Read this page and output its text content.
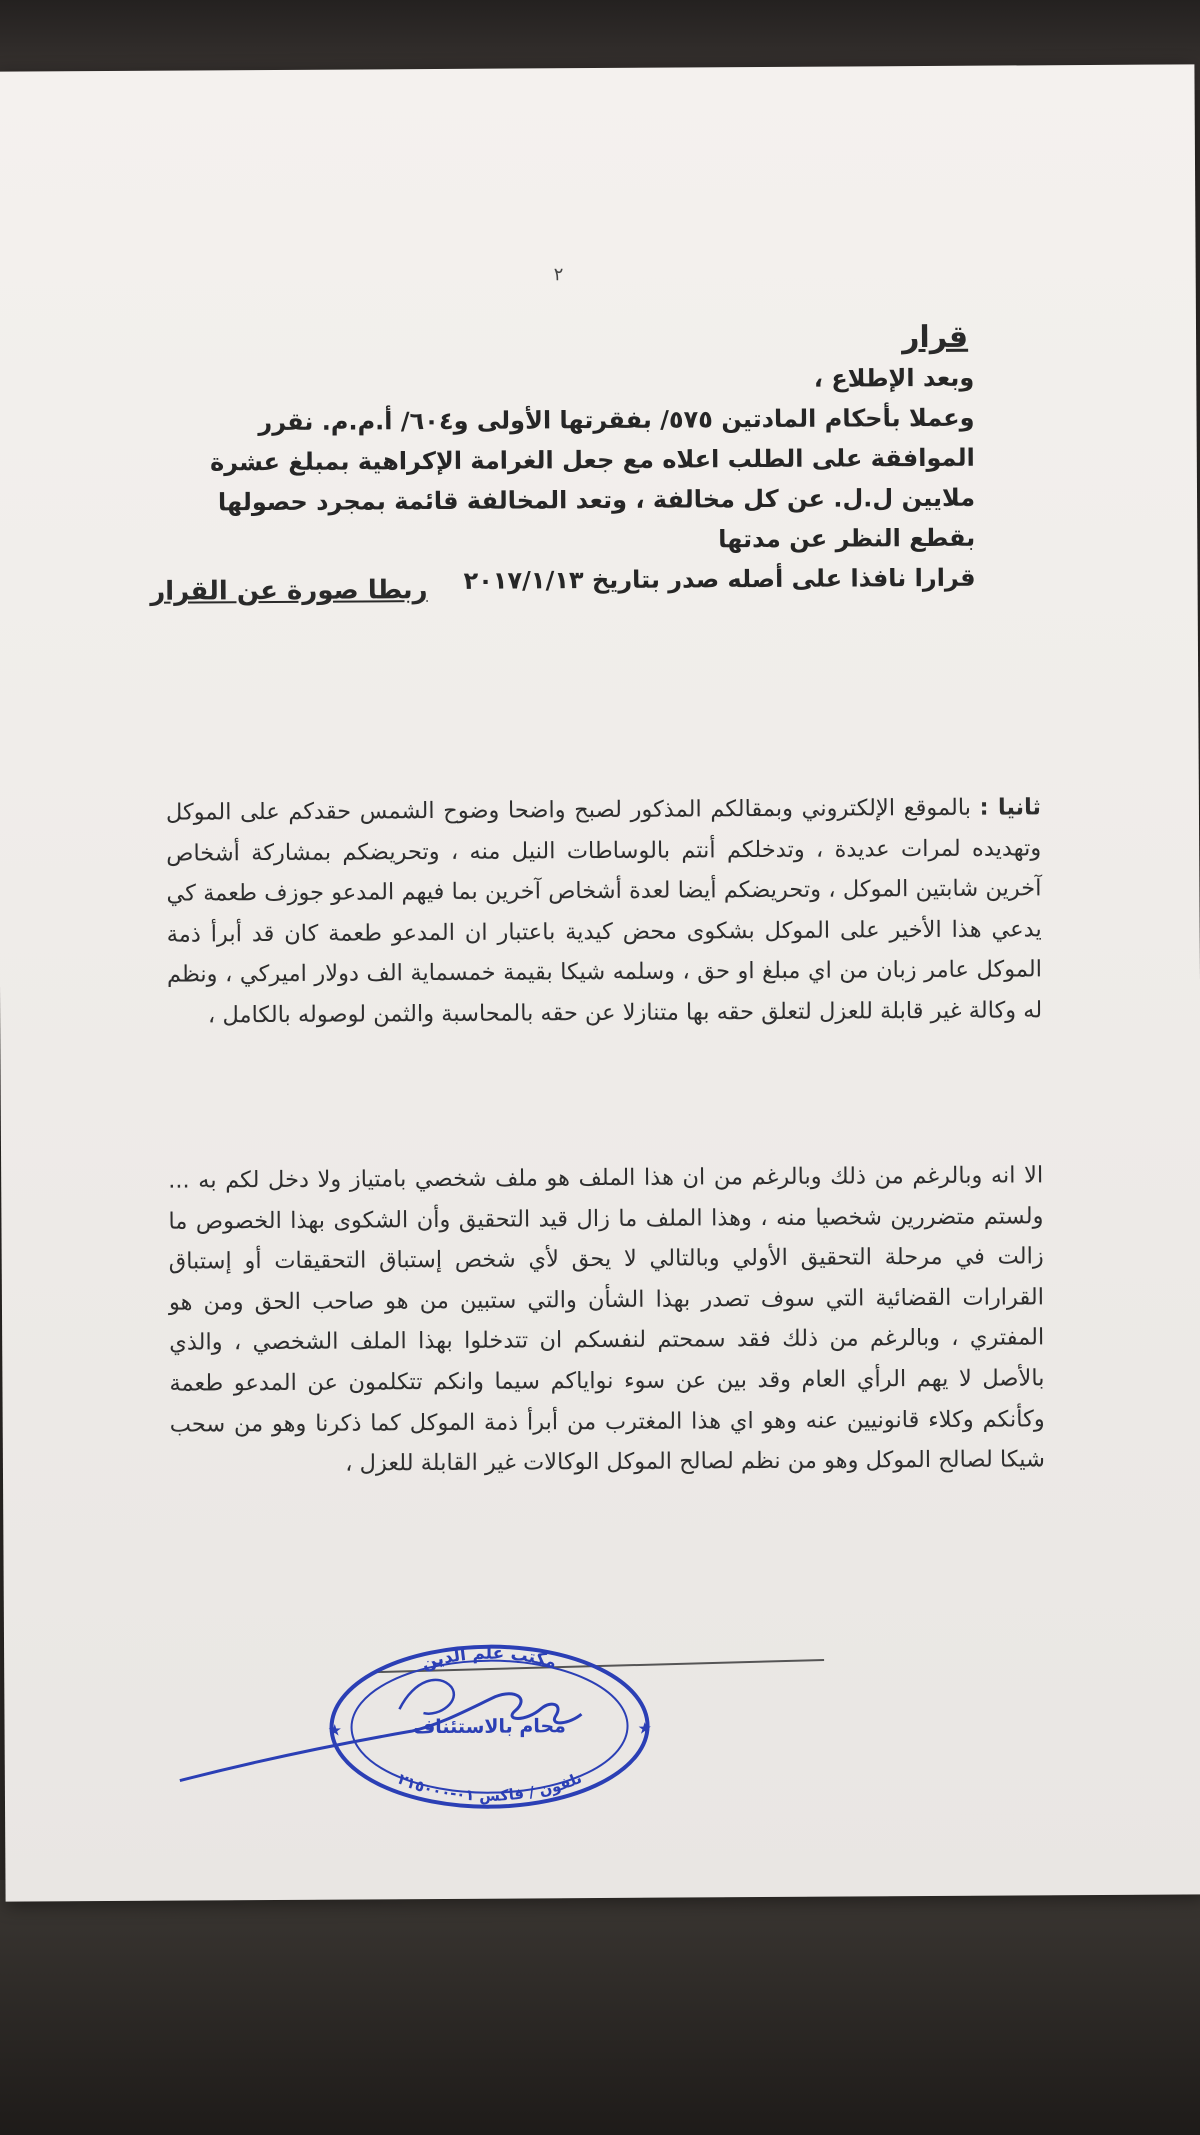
٢
قرار

وبعد الإطلاع ،

وعملا بأحكام المادتين ٥٧٥/ بفقرتها الأولى و٦٠٤/ أ.م.م. نقرر

الموافقة على الطلب اعلاه مع جعل الغرامة الإكراهية بمبلغ عشرة

ملايين ل.ل. عن كل مخالفة ، وتعد المخالفة قائمة بمجرد حصولها

بقطع النظر عن مدتها

قرارا نافذا على أصله صدر بتاريخ ٢٠١٧/١/١٣

ربطا صورة عن القرار
ثانيا : بالموقع الإلكتروني وبمقالكم المذكور لصبح واضحا وضوح الشمس حقدكم على الموكل وتهديده لمرات عديدة ، وتدخلكم أنتم بالوساطات النيل منه ، وتحريضكم بمشاركة أشخاص آخرين شابتين الموكل ، وتحريضكم أيضا لعدة أشخاص آخرين بما فيهم المدعو جوزف طعمة كي يدعي هذا الأخير على الموكل بشكوى محض كيدية باعتبار ان المدعو طعمة كان قد أبرأ ذمة الموكل عامر زبان من اي مبلغ او حق ، وسلمه شيكا بقيمة خمسماية الف دولار اميركي ، ونظم له وكالة غير قابلة للعزل لتعلق حقه بها متنازلا عن حقه بالمحاسبة والثمن لوصوله بالكامل ،
الا انه وبالرغم من ذلك وبالرغم من ان هذا الملف هو ملف شخصي بامتياز ولا دخل لكم به ... ولستم متضررين شخصيا منه ، وهذا الملف ما زال قيد التحقيق وأن الشكوى بهذا الخصوص ما زالت في مرحلة التحقيق الأولي وبالتالي لا يحق لأي شخص إستباق التحقيقات أو إستباق القرارات القضائية التي سوف تصدر بهذا الشأن والتي ستبين من هو صاحب الحق ومن هو المفتري ، وبالرغم من ذلك فقد سمحتم لنفسكم ان تتدخلوا بهذا الملف الشخصي ، والذي بالأصل لا يهم الرأي العام وقد بين عن سوء نواياكم سيما وانكم تتكلمون عن المدعو طعمة وكأنكم وكلاء قانونيين عنه وهو اي هذا المغترب من أبرأ ذمة الموكل كما ذكرنا وهو من سحب شيكا لصالح الموكل وهو من نظم لصالح الموكل الوكالات غير القابلة للعزل ،
مكتب علم الدين
محام بالاستئناف
تلفون / فاكس ٠١-٢١٥٠٠٠
★	★
